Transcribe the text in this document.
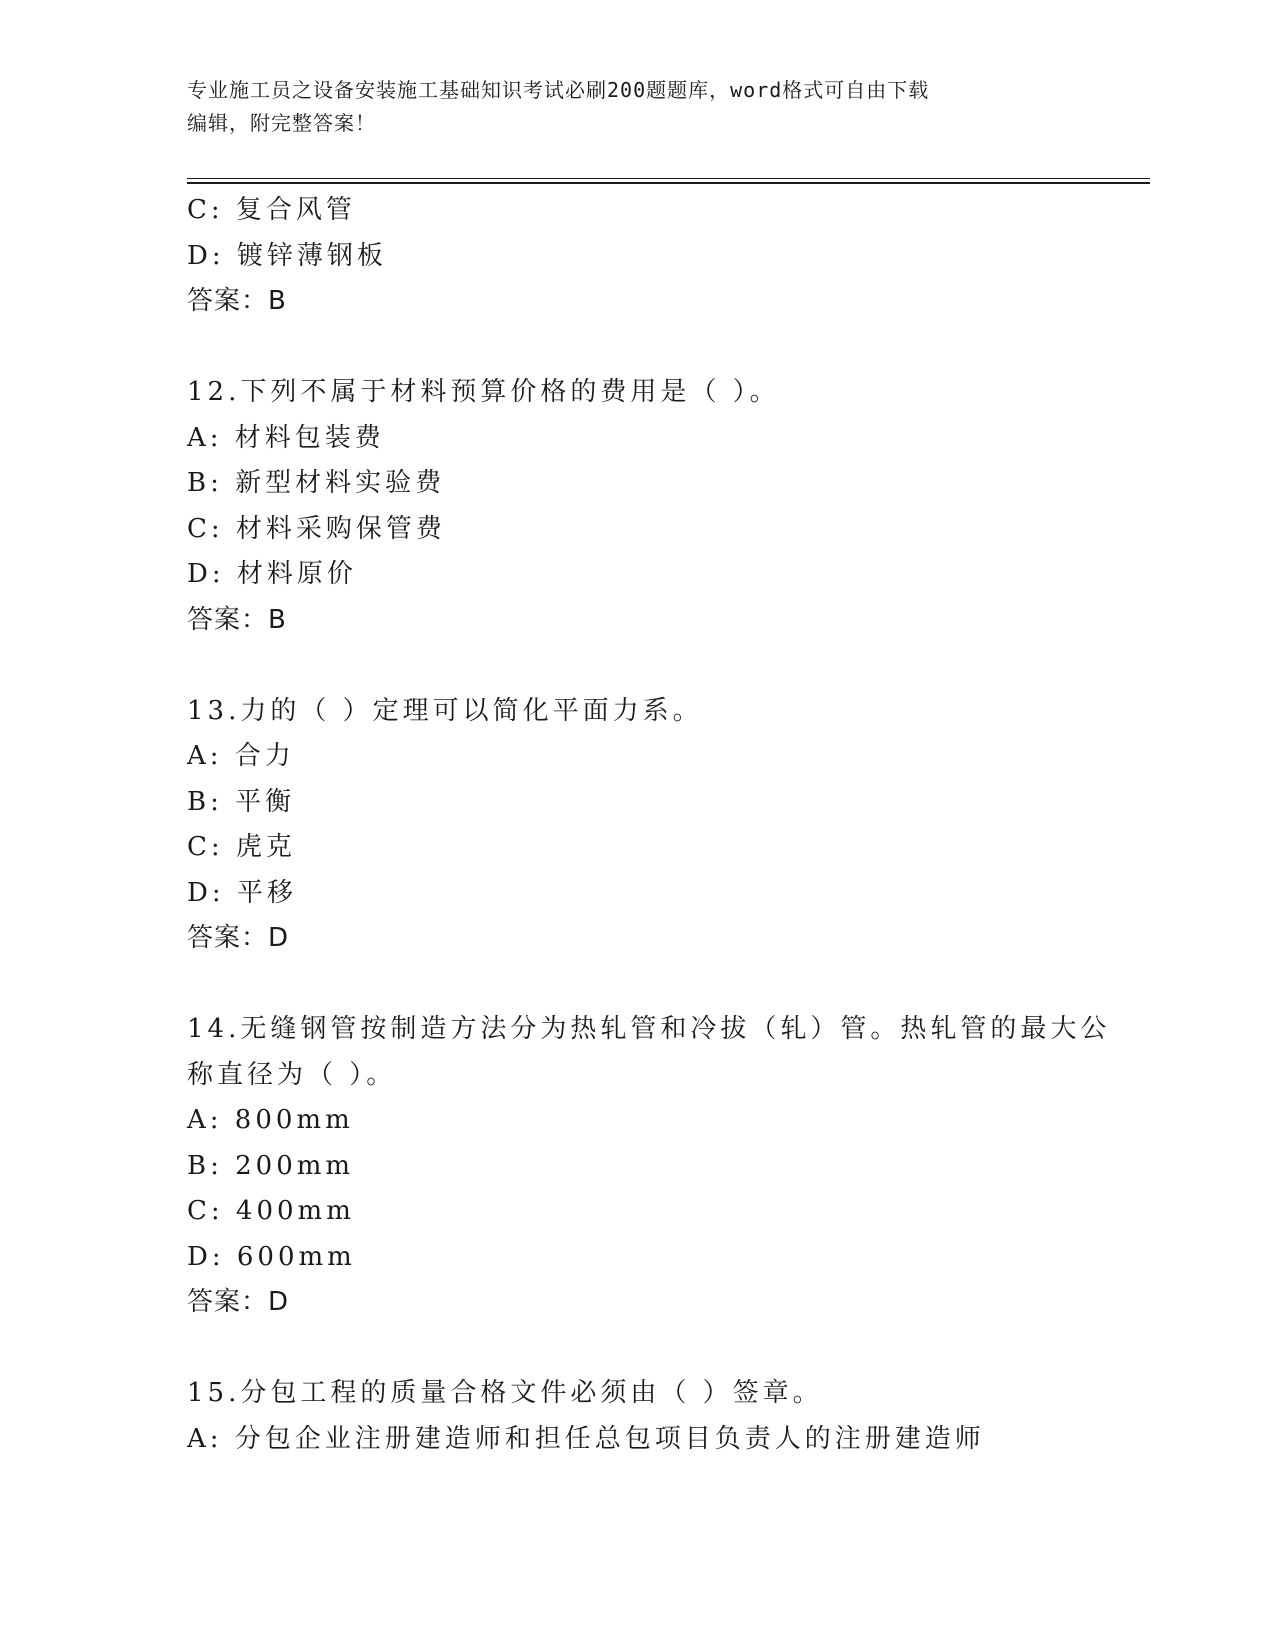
专业施工员之设备安装施工基础知识考试必刷200题题库，word格式可自由下载
编辑，附完整答案！
C: 复合风管
D: 镀锌薄钢板
答案：B
12.下列不属于材料预算价格的费用是（ ）。
A: 材料包装费
B: 新型材料实验费
C: 材料采购保管费
D: 材料原价
答案：B
13.力的（ ）定理可以简化平面力系。
A: 合力
B: 平衡
C: 虎克
D: 平移
答案：D
14.无缝钢管按制造方法分为热轧管和冷拔（轧）管。热轧管的最大公
称直径为（ ）。
A: 800mm
B: 200mm
C: 400mm
D: 600mm
答案：D
15.分包工程的质量合格文件必须由（ ）签章。
A: 分包企业注册建造师和担任总包项目负责人的注册建造师
